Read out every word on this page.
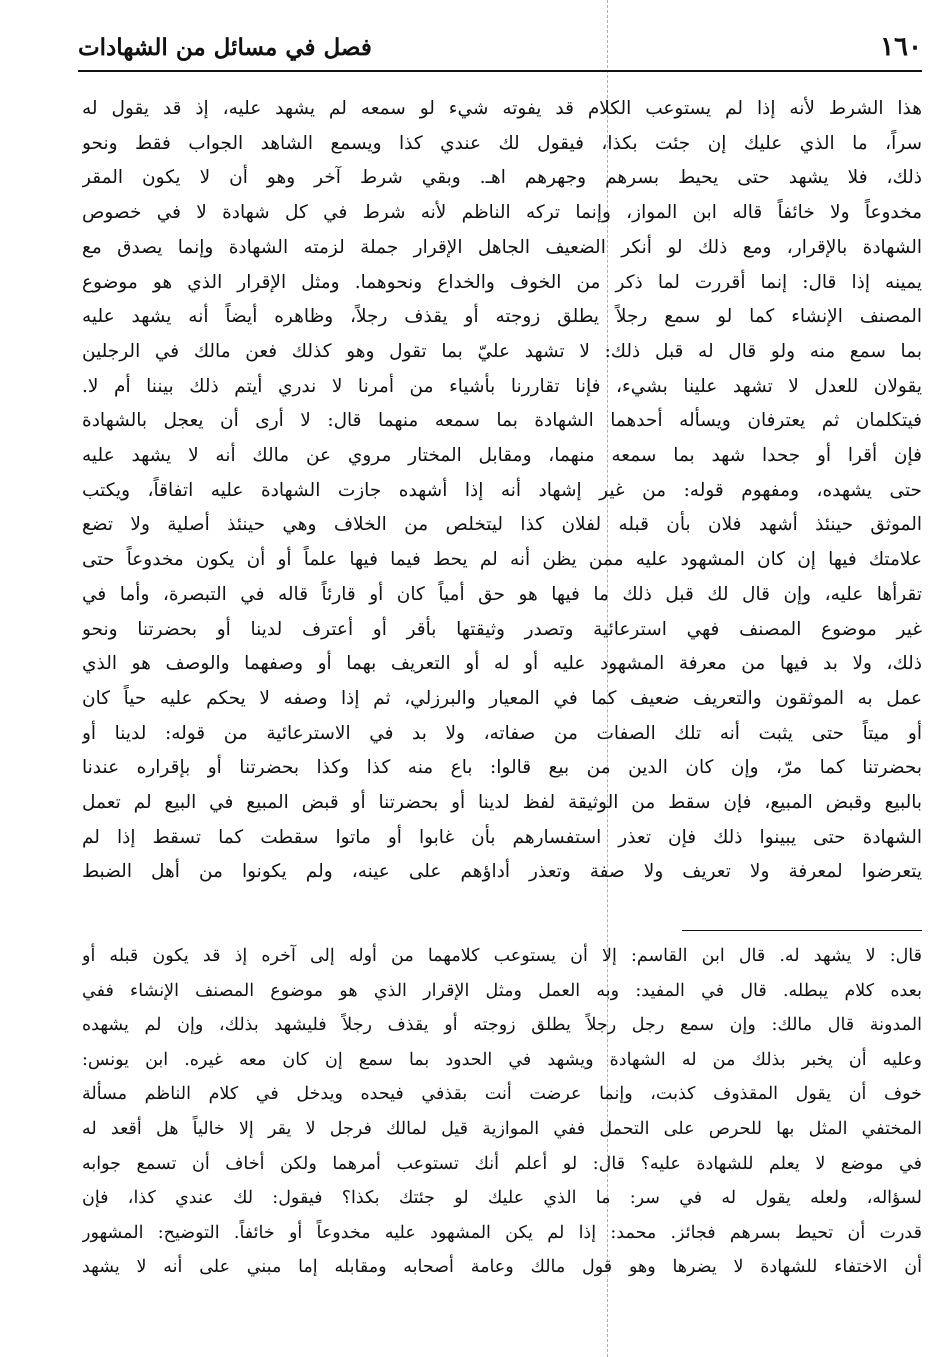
١٦٠
فصل في مسائل من الشهادات
هذا الشرط لأنه إذا لم يستوعب الكلام قد يفوته شيء لو سمعه لم يشهد عليه، إذ قد يقول له
سراً، ما الذي عليك إن جئت بكذا، فيقول لك عندي كذا ويسمع الشاهد الجواب فقط ونحو
ذلك، فلا يشهد حتى يحيط بسرهم وجهرهم اهـ. وبقي شرط آخر وهو أن لا يكون المقر
مخدوعاً ولا خائفاً قاله ابن المواز، وإنما تركه الناظم لأنه شرط في كل شهادة لا في خصوص
الشهادة بالإقرار، ومع ذلك لو أنكر الضعيف الجاهل الإقرار جملة لزمته الشهادة وإنما يصدق مع
يمينه إذا قال: إنما أقررت لما ذكر من الخوف والخداع ونحوهما. ومثل الإقرار الذي هو موضوع
المصنف الإنشاء كما لو سمع رجلاً يطلق زوجته أو يقذف رجلاً، وظاهره أيضاً أنه يشهد عليه
بما سمع منه ولو قال له قبل ذلك: لا تشهد عليّ بما تقول وهو كذلك فعن مالك في الرجلين
يقولان للعدل لا تشهد علينا بشيء، فإنا تقاررنا بأشياء من أمرنا لا ندري أيتم ذلك بيننا أم لا.
فيتكلمان ثم يعترفان ويسأله أحدهما الشهادة بما سمعه منهما قال: لا أرى أن يعجل بالشهادة
فإن أقرا أو جحدا شهد بما سمعه منهما، ومقابل المختار مروي عن مالك أنه لا يشهد عليه
حتى يشهده، ومفهوم قوله: من غير إشهاد أنه إذا أشهده جازت الشهادة عليه اتفاقاً، ويكتب
الموثق حينئذ أشهد فلان بأن قبله لفلان كذا ليتخلص من الخلاف وهي حينئذ أصلية ولا تضع
علامتك فيها إن كان المشهود عليه ممن يظن أنه لم يحط فيما فيها علماً أو أن يكون مخدوعاً حتى
تقرأها عليه، وإن قال لك قبل ذلك ما فيها هو حق أمياً كان أو قارئاً قاله في التبصرة، وأما في
غير موضوع المصنف فهي استرعائية وتصدر وثيقتها بأقر أو أعترف لدينا أو بحضرتنا ونحو
ذلك، ولا بد فيها من معرفة المشهود عليه أو له أو التعريف بهما أو وصفهما والوصف هو الذي
عمل به الموثقون والتعريف ضعيف كما في المعيار والبرزلي، ثم إذا وصفه لا يحكم عليه حياً كان
أو ميتاً حتى يثبت أنه تلك الصفات من صفاته، ولا بد في الاسترعائية من قوله: لدينا أو
بحضرتنا كما مرّ، وإن كان الدين من بيع قالوا: باع منه كذا وكذا بحضرتنا أو بإقراره عندنا
بالبيع وقبض المبيع، فإن سقط من الوثيقة لفظ لدينا أو بحضرتنا أو قبض المبيع في البيع لم تعمل
الشهادة حتى يبينوا ذلك فإن تعذر استفسارهم بأن غابوا أو ماتوا سقطت كما تسقط إذا لم
يتعرضوا لمعرفة ولا تعريف ولا صفة وتعذر أداؤهم على عينه، ولم يكونوا من أهل الضبط
قال: لا يشهد له. قال ابن القاسم: إلا أن يستوعب كلامهما من أوله إلى آخره إذ قد يكون قبله أو
بعده كلام يبطله. قال في المفيد: وبه العمل ومثل الإقرار الذي هو موضوع المصنف الإنشاء ففي
المدونة قال مالك: وإن سمع رجل رجلاً يطلق زوجته أو يقذف رجلاً فليشهد بذلك، وإن لم يشهده
وعليه أن يخبر بذلك من له الشهادة ويشهد في الحدود بما سمع إن كان معه غيره. ابن يونس:
خوف أن يقول المقذوف كذبت، وإنما عرضت أنت بقذفي فيحده ويدخل في كلام الناظم مسألة
المختفي المثل بها للحرص على التحمل ففي الموازية قيل لمالك فرجل لا يقر إلا خالياً هل أقعد له
في موضع لا يعلم للشهادة عليه؟ قال: لو أعلم أنك تستوعب أمرهما ولكن أخاف أن تسمع جوابه
لسؤاله، ولعله يقول له في سر: ما الذي عليك لو جئتك بكذا؟ فيقول: لك عندي كذا، فإن
قدرت أن تحيط بسرهم فجائز. محمد: إذا لم يكن المشهود عليه مخدوعاً أو خائفاً. التوضيح: المشهور
أن الاختفاء للشهادة لا يضرها وهو قول مالك وعامة أصحابه ومقابله إما مبني على أنه لا يشهد
